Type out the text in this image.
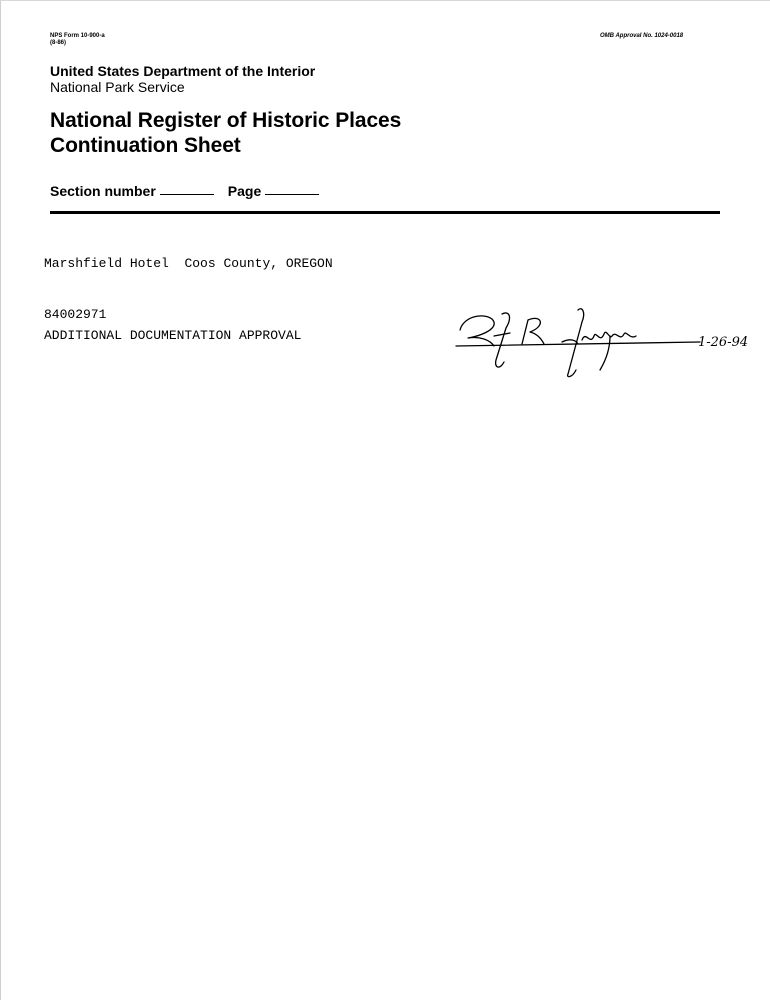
NPS Form 10-900-a
(8-86)
OMB Approval No. 1024-0018
United States Department of the Interior
National Park Service
National Register of Historic Places
Continuation Sheet
Section number	Page

Marshfield Hotel Coos County, OREGON

84002971

ADDITIONAL DOCUMENTATION APPROVAL	1-26-94
